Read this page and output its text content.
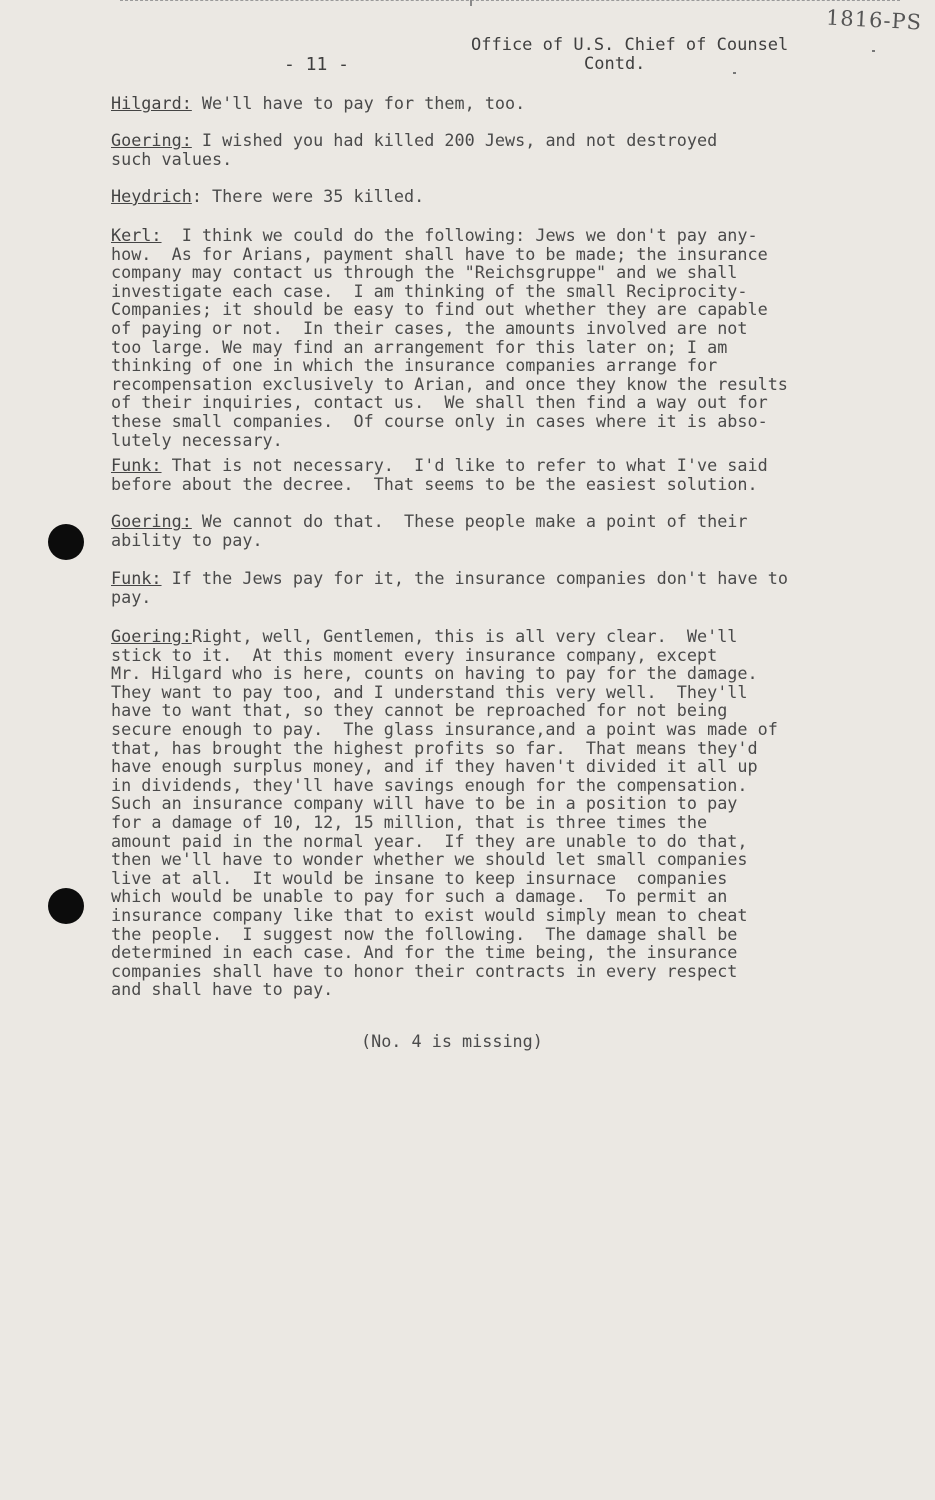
1816-PS
- 11 -
Office of U.S. Chief of Counsel
Contd.

Hilgard: We'll have to pay for them, too.

Goering: I wished you had killed 200 Jews, and not destroyed
such values.

Heydrich: There were 35 killed.

Kerl:  I think we could do the following: Jews we don't pay any-
how.  As for Arians, payment shall have to be made; the insurance
company may contact us through the "Reichsgruppe" and we shall
investigate each case.  I am thinking of the small Reciprocity-
Companies; it should be easy to find out whether they are capable
of paying or not.  In their cases, the amounts involved are not
too large. We may find an arrangement for this later on; I am
thinking of one in which the insurance companies arrange for
recompensation exclusively to Arian, and once they know the results
of their inquiries, contact us.  We shall then find a way out for
these small companies.  Of course only in cases where it is abso-
lutely necessary.

Funk: That is not necessary.  I'd like to refer to what I've said
before about the decree.  That seems to be the easiest solution.

Goering: We cannot do that.  These people make a point of their
ability to pay.

Funk: If the Jews pay for it, the insurance companies don't have to
pay.

Goering:Right, well, Gentlemen, this is all very clear.  We'll
stick to it.  At this moment every insurance company, except
Mr. Hilgard who is here, counts on having to pay for the damage.
They want to pay too, and I understand this very well.  They'll
have to want that, so they cannot be reproached for not being
secure enough to pay.  The glass insurance,and a point was made of
that, has brought the highest profits so far.  That means they'd
have enough surplus money, and if they haven't divided it all up
in dividends, they'll have savings enough for the compensation.
Such an insurance company will have to be in a position to pay
for a damage of 10, 12, 15 million, that is three times the
amount paid in the normal year.  If they are unable to do that,
then we'll have to wonder whether we should let small companies
live at all.  It would be insane to keep insurnace  companies
which would be unable to pay for such a damage.  To permit an
insurance company like that to exist would simply mean to cheat
the people.  I suggest now the following.  The damage shall be
determined in each case. And for the time being, the insurance
companies shall have to honor their contracts in every respect
and shall have to pay.

(No. 4 is missing)
